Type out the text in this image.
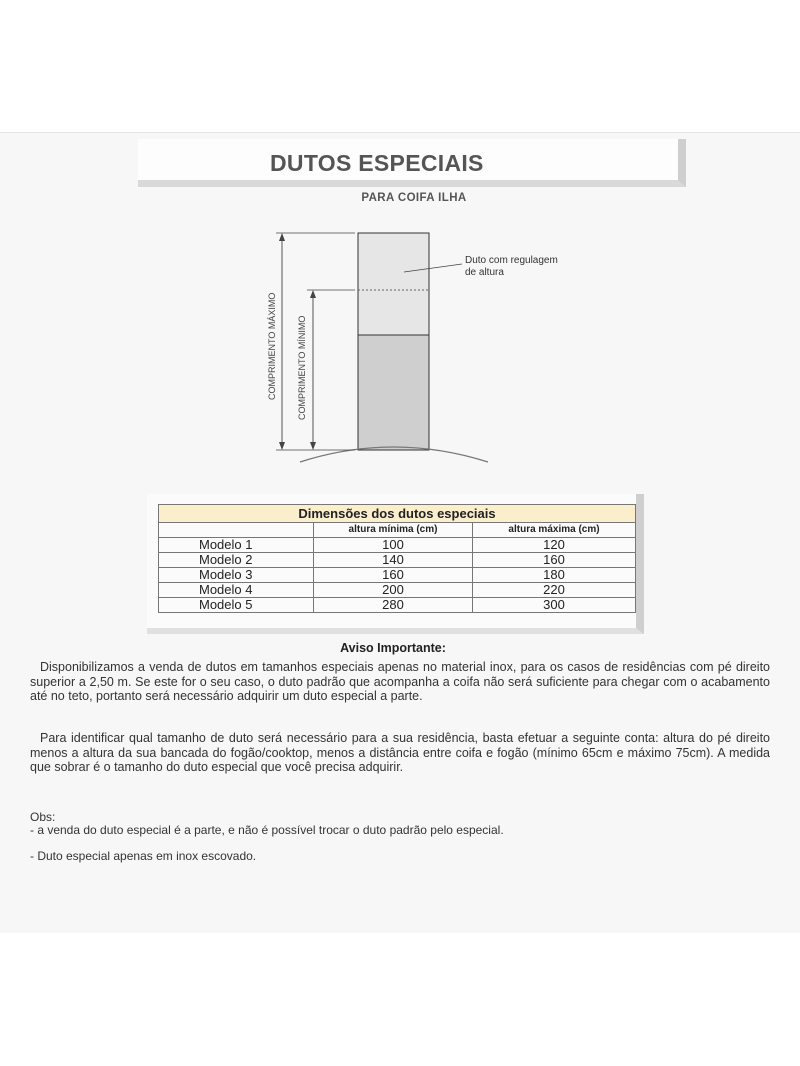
DUTOS ESPECIAIS
PARA COIFA ILHA
COMPRIMENTO MÁXIMO COMPRIMENTO MÍNIMO
Duto com regulagem
de altura
Dimensões dos dutos especiais		
	altura mínima (cm)	altura máxima (cm)
Modelo 1	100	120
Modelo 2	140	160
Modelo 3	160	180
Modelo 4	200	220
Modelo 5	280	300
Aviso Importante:
Disponibilizamos a venda de dutos em tamanhos especiais apenas no material inox, para os casos de residências com pé direito superior a 2,50 m. Se este for o seu caso, o duto padrão que acompanha a coifa não será suficiente para chegar com o acabamento até no teto, portanto será necessário adquirir um duto especial a parte.
Para identificar qual tamanho de duto será necessário para a sua residência, basta efetuar a seguinte conta: altura do pé direito menos a altura da sua bancada do fogão/cooktop, menos a distância entre coifa e fogão (mínimo 65cm e máximo 75cm). A medida que sobrar é o tamanho do duto especial que você precisa adquirir.
Obs:
- a venda do duto especial é a parte, e não é possível trocar o duto padrão pelo especial.
- Duto especial apenas em inox escovado.
